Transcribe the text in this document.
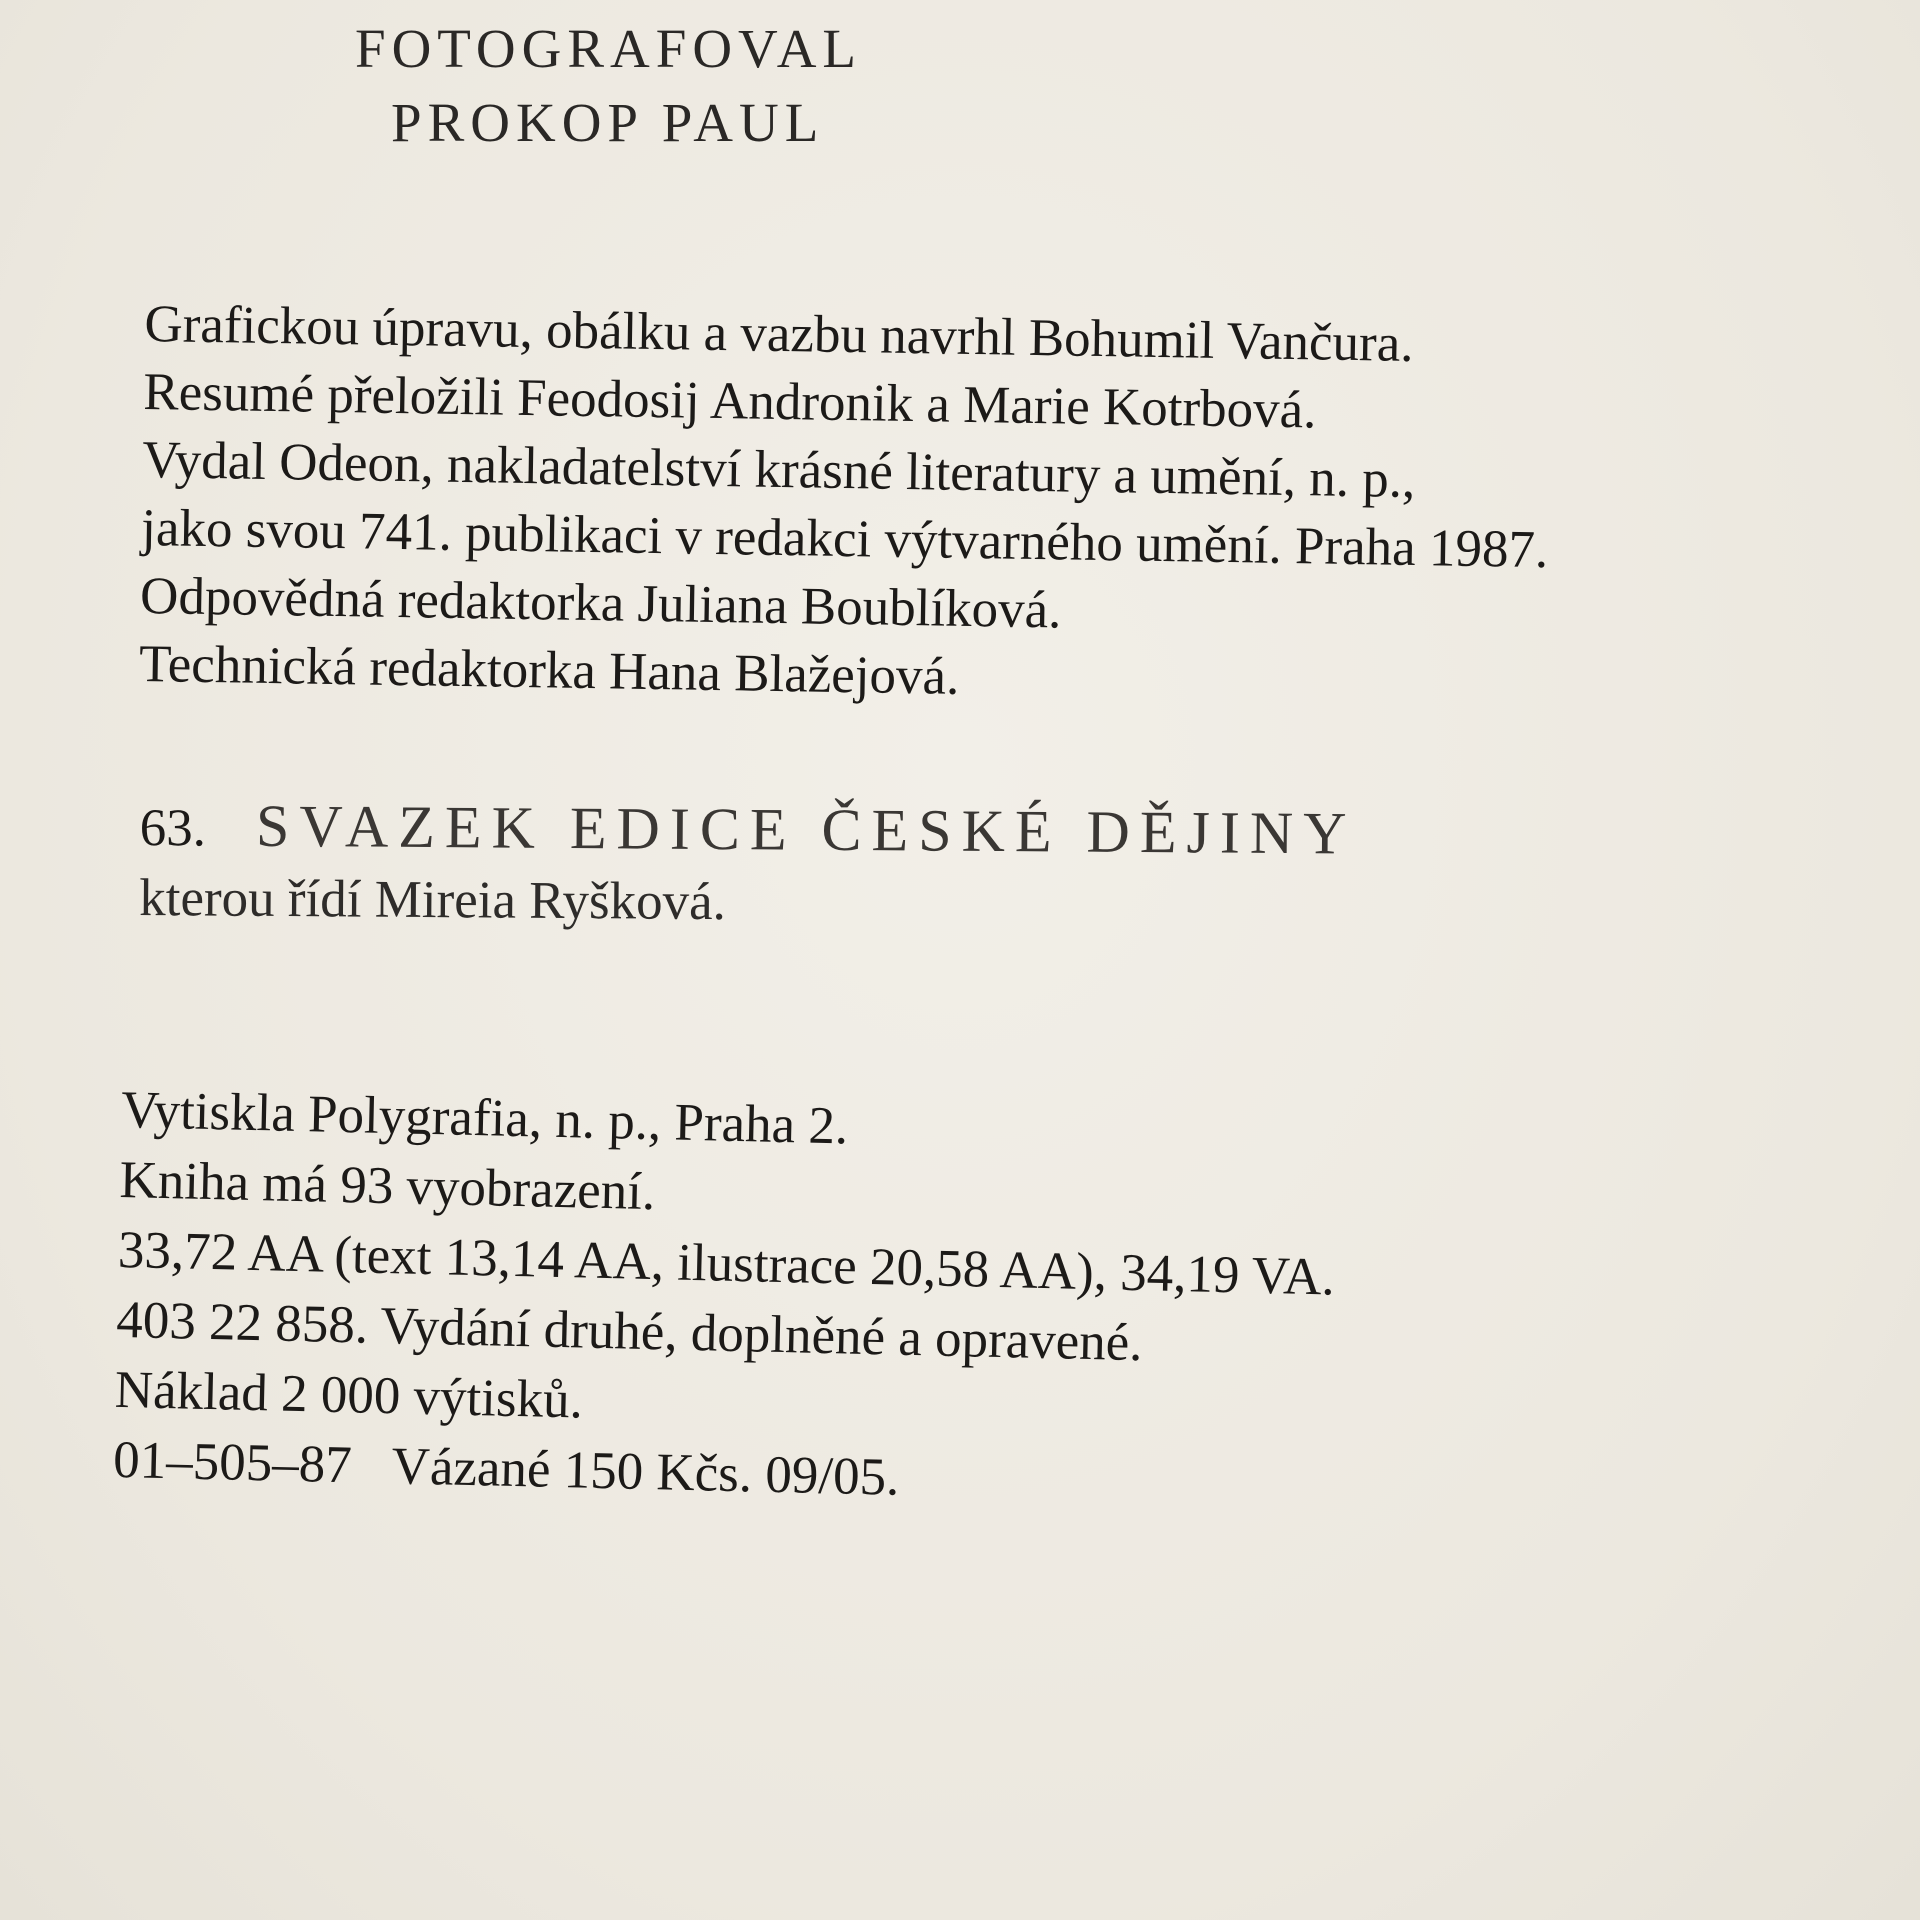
FOTOGRAFOVAL
PROKOP PAUL
Grafickou úpravu, obálku a vazbu navrhl Bohumil Vančura.
Resumé přeložili Feodosij Andronik a Marie Kotrbová.
Vydal Odeon, nakladatelství krásné literatury a umění, n. p.,
jako svou 741. publikaci v redakci výtvarného umění. Praha 1987.
Odpovědná redaktorka Juliana Boublíková.
Technická redaktorka Hana Blažejová.
63. SVAZEK EDICE ČESKÉ DĚJINY
kterou řídí Mireia Ryšková.
Vytiskla Polygrafia, n. p., Praha 2.
Kniha má 93 vyobrazení.
33,72 AA (text 13,14 AA, ilustrace 20,58 AA), 34,19 VA.
403 22 858. Vydání druhé, doplněné a opravené.
Náklad 2 000 výtisků.
01–505–87 Vázané 150 Kčs. 09/05.
